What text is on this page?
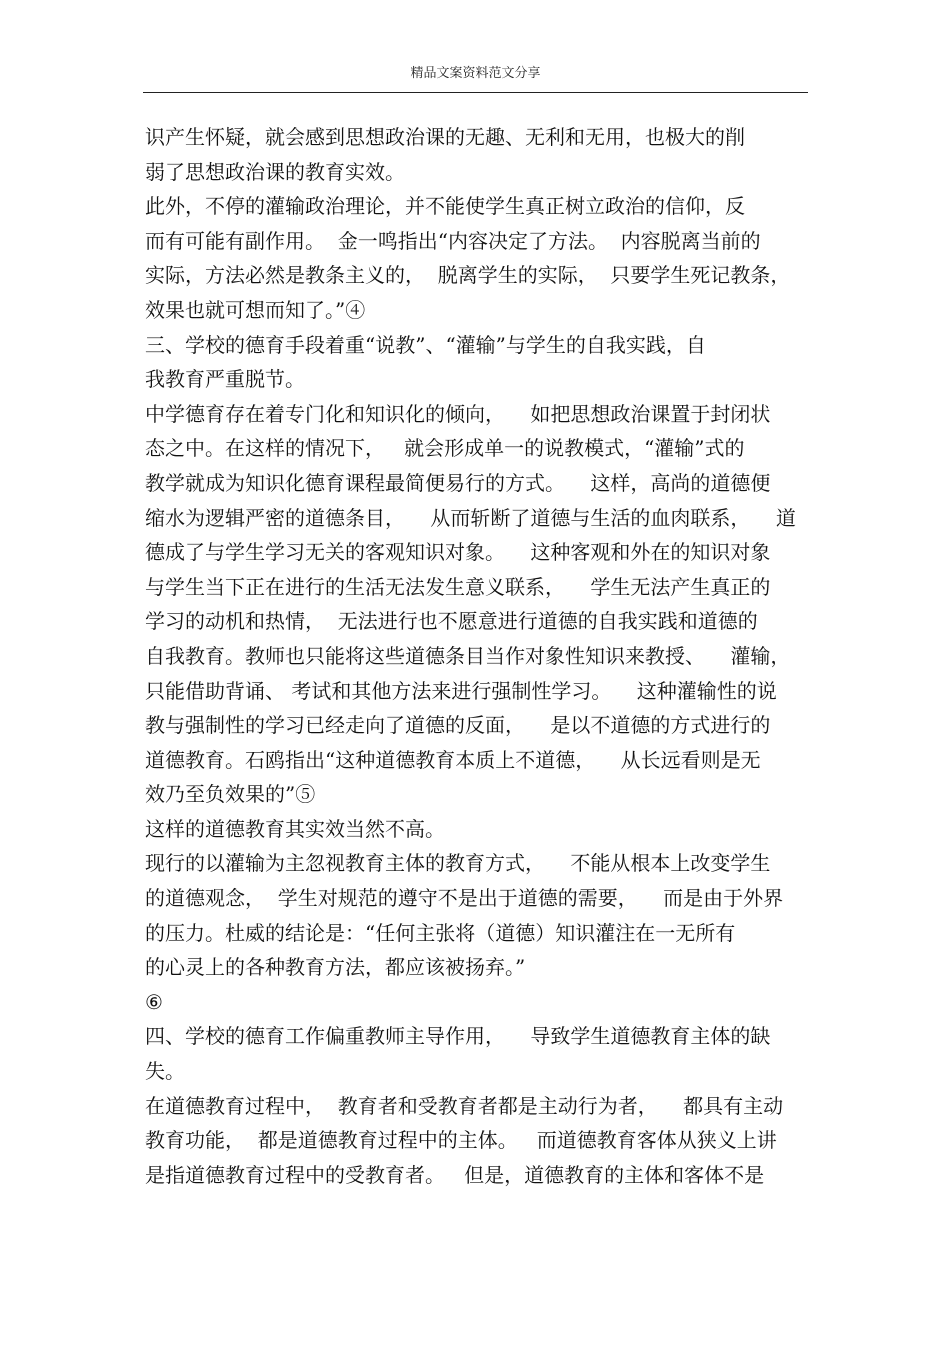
精品文案资料范文分享
识产生怀疑，就会感到思想政治课的无趣、无利和无用，也极大的削
弱了思想政治课的教育实效。
此外，不停的灌输政治理论，并不能使学生真正树立政治的信仰，反
而有可能有副作用。  金一鸣指出“内容决定了方法。  内容脱离当前的
实际，方法必然是教条主义的，  脱离学生的实际，  只要学生死记教条，
效果也就可想而知了。”④
三、学校的德育手段着重“说教”、“灌输”与学生的自我实践，自
我教育严重脱节。
中学德育存在着专门化和知识化的倾向，    如把思想政治课置于封闭状
态之中。在这样的情况下，   就会形成单一的说教模式，“灌输”式的
教学就成为知识化德育课程最简便易行的方式。    这样，高尚的道德便
缩水为逻辑严密的道德条目，    从而斩断了道德与生活的血肉联系，    道
德成了与学生学习无关的客观知识对象。    这种客观和外在的知识对象
与学生当下正在进行的生活无法发生意义联系，    学生无法产生真正的
学习的动机和热情，  无法进行也不愿意进行道德的自我实践和道德的
自我教育。教师也只能将这些道德条目当作对象性知识来教授、    灌输，
只能借助背诵、 考试和其他方法来进行强制性学习。    这种灌输性的说
教与强制性的学习已经走向了道德的反面，    是以不道德的方式进行的
道德教育。石鸥指出“这种道德教育本质上不道德，    从长远看则是无
效乃至负效果的”⑤
这样的道德教育其实效当然不高。
现行的以灌输为主忽视教育主体的教育方式，    不能从根本上改变学生
的道德观念，  学生对规范的遵守不是出于道德的需要，    而是由于外界
的压力。杜威的结论是：“任何主张将（道德）知识灌注在一无所有
的心灵上的各种教育方法，都应该被扬弃。”
⑥
四、学校的德育工作偏重教师主导作用，    导致学生道德教育主体的缺
失。
在道德教育过程中，  教育者和受教育者都是主动行为者，    都具有主动
教育功能，  都是道德教育过程中的主体。   而道德教育客体从狭义上讲
是指道德教育过程中的受教育者。   但是，道德教育的主体和客体不是
